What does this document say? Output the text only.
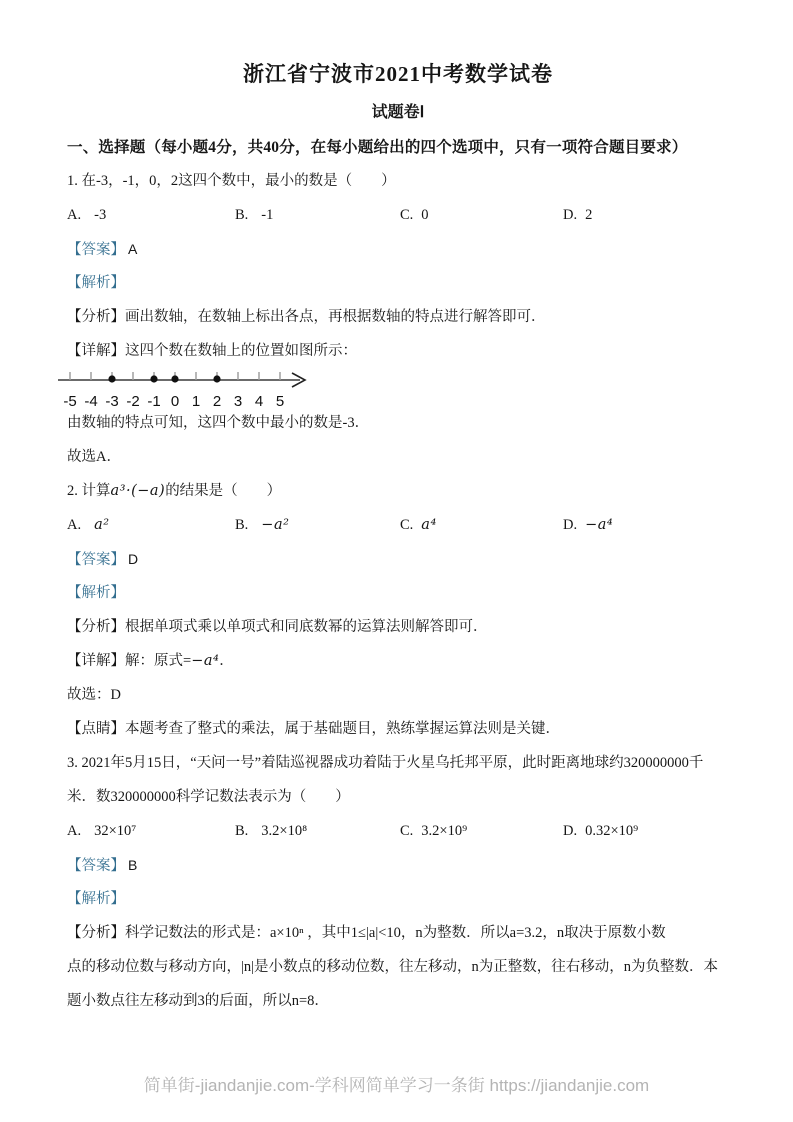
浙江省宁波市2021中考数学试卷
试题卷Ⅰ
一、选择题（每小题4分，共40分，在每小题给出的四个选项中，只有一项符合题目要求）
1. 在-3，-1，0，2这四个数中，最小的数是（　　）
A. -3	B. -1	C. 0	D. 2
【答案】 A
【解析】
【分析】画出数轴，在数轴上标出各点，再根据数轴的特点进行解答即可．
【详解】这四个数在数轴上的位置如图所示：
-5 -4 -3 -2 -1 0 1 2 3 4 5
由数轴的特点可知，这四个数中最小的数是-3．
故选A．
2. 计算a³·(−a)的结果是（　　）
A. a²	B. −a²	C. a⁴	D. −a⁴
【答案】 D
【解析】
【分析】根据单项式乘以单项式和同底数幂的运算法则解答即可．
【详解】解：原式=−a⁴．
故选：D
【点睛】本题考查了整式的乘法，属于基础题目，熟练掌握运算法则是关键．
3. 2021年5月15日，“天问一号”着陆巡视器成功着陆于火星乌托邦平原，此时距离地球约320000000千
米．数320000000科学记数法表示为（　　）
A. 32×10⁷	B. 3.2×10⁸	C. 3.2×10⁹	D. 0.32×10⁹
【答案】 B
【解析】
【分析】科学记数法的形式是：a×10ⁿ ，其中1≤|a|<10，n为整数．所以a=3.2，n取决于原数小数
点的移动位数与移动方向，|n|是小数点的移动位数，往左移动，n为正整数，往右移动，n为负整数．本
题小数点往左移动到3的后面，所以n=8．
简单街-jiandanjie.com-学科网简单学习一条街 https://jiandanjie.com
